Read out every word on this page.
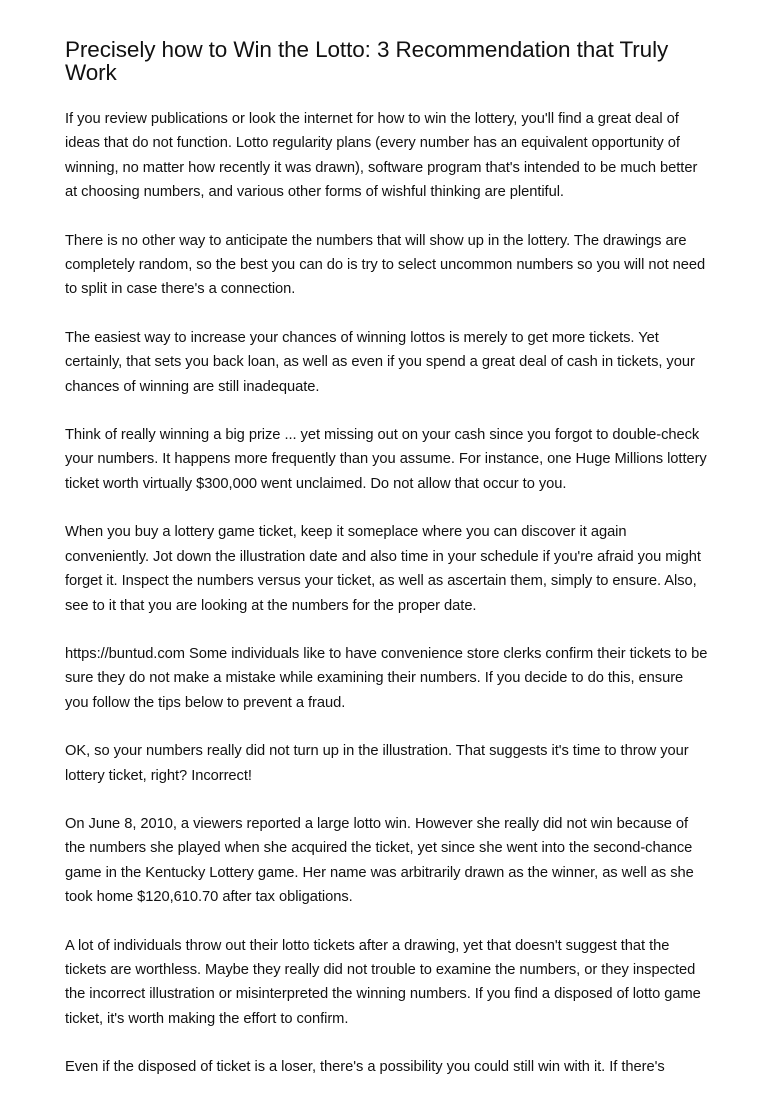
Precisely how to Win the Lotto: 3 Recommendation that Truly Work

If you review publications or look the internet for how to win the lottery, you'll find a great deal of ideas that do not function. Lotto regularity plans (every number has an equivalent opportunity of winning, no matter how recently it was drawn), software program that's intended to be much better at choosing numbers, and various other forms of wishful thinking are plentiful.

There is no other way to anticipate the numbers that will show up in the lottery. The drawings are completely random, so the best you can do is try to select uncommon numbers so you will not need to split in case there's a connection.

The easiest way to increase your chances of winning lottos is merely to get more tickets. Yet certainly, that sets you back loan, as well as even if you spend a great deal of cash in tickets, your chances of winning are still inadequate.

Think of really winning a big prize ... yet missing out on your cash since you forgot to double-check your numbers. It happens more frequently than you assume. For instance, one Huge Millions lottery ticket worth virtually $300,000 went unclaimed. Do not allow that occur to you.

When you buy a lottery game ticket, keep it someplace where you can discover it again conveniently. Jot down the illustration date and also time in your schedule if you're afraid you might forget it. Inspect the numbers versus your ticket, as well as ascertain them, simply to ensure. Also, see to it that you are looking at the numbers for the proper date.

https://buntud.com Some individuals like to have convenience store clerks confirm their tickets to be sure they do not make a mistake while examining their numbers. If you decide to do this, ensure you follow the tips below to prevent a fraud.

OK, so your numbers really did not turn up in the illustration. That suggests it's time to throw your lottery ticket, right? Incorrect!

On June 8, 2010, a viewers reported a large lotto win. However she really did not win because of the numbers she played when she acquired the ticket, yet since she went into the second-chance game in the Kentucky Lottery game. Her name was arbitrarily drawn as the winner, as well as she took home $120,610.70 after tax obligations.

A lot of individuals throw out their lotto tickets after a drawing, yet that doesn't suggest that the tickets are worthless. Maybe they really did not trouble to examine the numbers, or they inspected the incorrect illustration or misinterpreted the winning numbers. If you find a disposed of lotto game ticket, it's worth making the effort to confirm.

Even if the disposed of ticket is a loser, there's a possibility you could still win with it. If there's
